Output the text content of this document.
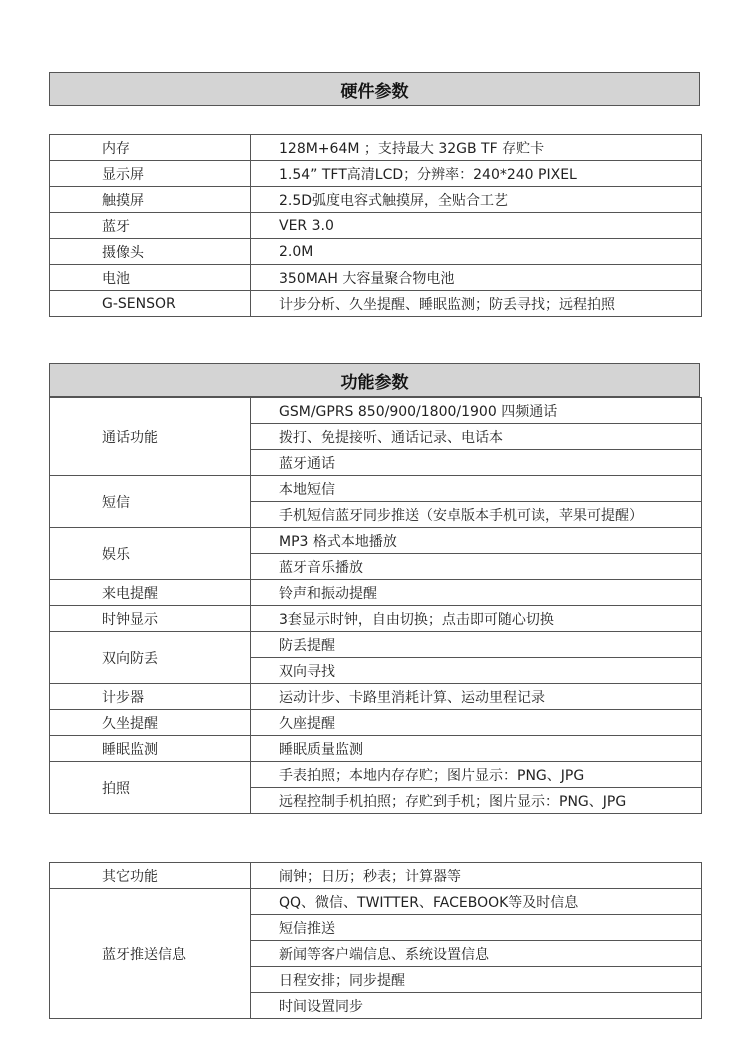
硬件参数
内存	128M+64M ；支持最大 32GB TF 存贮卡
显示屏	1.54” TFT高清LCD；分辨率：240*240 PIXEL
触摸屏	2.5D弧度电容式触摸屏，全贴合工艺
蓝牙	VER 3.0
摄像头	2.0M
电池	350MAH 大容量聚合物电池
G-SENSOR	计步分析、久坐提醒、睡眠监测；防丢寻找；远程拍照
功能参数
通话功能	GSM/GPRS 850/900/1800/1900 四频通话
	拨打、免提接听、通话记录、电话本
	蓝牙通话
短信	本地短信
	手机短信蓝牙同步推送（安卓版本手机可读，苹果可提醒）
娱乐	MP3 格式本地播放
	蓝牙音乐播放
来电提醒	铃声和振动提醒
时钟显示	3套显示时钟，自由切换；点击即可随心切换
双向防丢	防丢提醒
	双向寻找
计步器	运动计步、卡路里消耗计算、运动里程记录
久坐提醒	久座提醒
睡眠监测	睡眠质量监测
拍照	手表拍照；本地内存存贮；图片显示：PNG、JPG
	远程控制手机拍照；存贮到手机；图片显示：PNG、JPG
其它功能	闹钟；日历；秒表；计算器等
蓝牙推送信息	QQ、微信、TWITTER、FACEBOOK等及时信息
	短信推送
	新闻等客户端信息、系统设置信息
	日程安排；同步提醒
	时间设置同步
